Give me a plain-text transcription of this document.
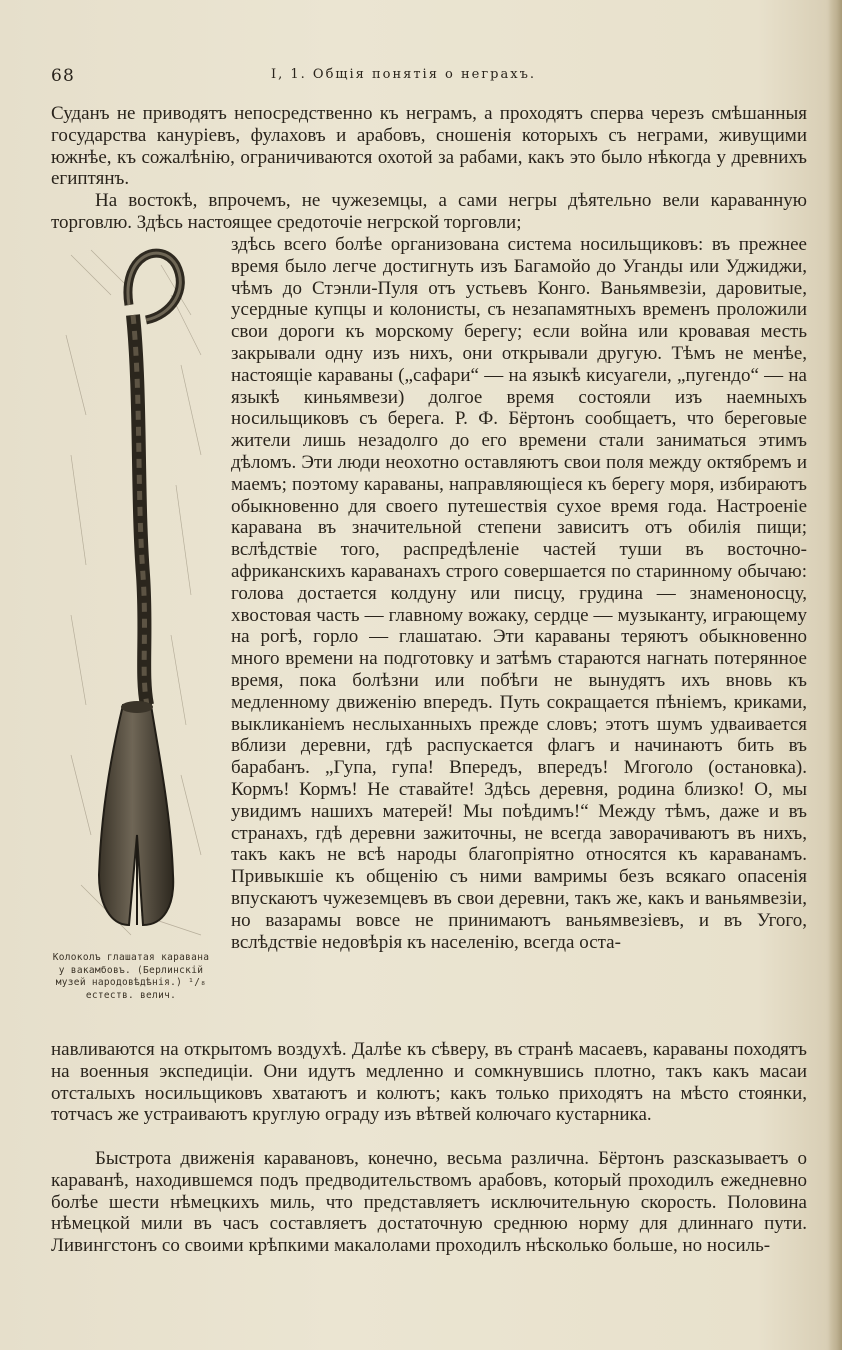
68	I, 1. Общія понятія о неграхъ.
Суданъ не приводятъ непосредственно къ неграмъ, а проходятъ сперва черезъ смѣшанныя государства канурiевъ, фулаховъ и арабовъ, сношенiя которыхъ съ неграми, живущими южнѣе, къ сожалѣнiю, ограничиваются охотой за рабами, какъ это было нѣкогда у древнихъ египтянъ.
На востокѣ, впрочемъ, не чужеземцы, а сами негры дѣятельно вели караванную торговлю. Здѣсь настоящее средоточiе негрской торговли;
здѣсь всего болѣе организована система носильщиковъ: въ прежнее время было легче достигнуть изъ Багамойо до Уганды или Уджиджи, чѣмъ до Стэнли-Пуля отъ устьевъ Конго. Ваньямвезiи, даровитые, усердные купцы и колонисты, съ незапамятныхъ временъ проложили свои дороги къ морскому берегу; если война или кровавая месть закрывали одну изъ нихъ, они открывали другую. Тѣмъ не менѣе, настоящiе караваны („сафари“ — на языкѣ кисуагели, „пугендо“ — на языкѣ киньямвези) долгое время состояли изъ наемныхъ носильщиковъ съ берега. Р. Ф. Бёртонъ сообщаетъ, что береговые жители лишь незадолго до его времени стали заниматься этимъ дѣломъ. Эти люди неохотно оставляютъ свои поля между октябремъ и маемъ; поэтому караваны, направляющiеся къ берегу моря, избираютъ обыкновенно для своего путешествiя сухое время года. Настроенiе каравана въ значительной степени зависитъ отъ обилiя пищи; вслѣдствiе того, распредѣленiе частей туши въ восточно-африканскихъ караванахъ строго совершается по старинному обычаю: голова достается колдуну или писцу, грудина — знаменоносцу, хвостовая часть — главному вожаку, сердце — музыканту, играющему на рогѣ, горло — глашатаю. Эти караваны теряютъ обыкновенно много времени на подготовку и затѣмъ стараются нагнать потерянное время, пока болѣзни или побѣги не вынудятъ ихъ вновь къ медленному движенiю впередъ. Путь сокращается пѣнiемъ, криками, выкликанiемъ неслыханныхъ прежде словъ; этотъ шумъ удваивается вблизи деревни, гдѣ распускается флагъ и начинаютъ бить въ барабанъ. „Гупа, гупа! Впередъ, впередъ! Мгоголо (остановка). Кормъ! Кормъ! Не ставайте! Здѣсь деревня, родина близко! О, мы увидимъ нашихъ матерей! Мы поѣдимъ!“ Между тѣмъ, даже и въ странахъ, гдѣ деревни зажиточны, не всегда заворачиваютъ въ нихъ, такъ какъ не всѣ народы благопрiятно относятся къ караванамъ. Привыкшiе къ общенiю съ ними вамримы безъ всякаго опасенiя впускаютъ чужеземцевъ въ свои деревни, такъ же, какъ и ваньямвезiи, но вазарамы вовсе не принимаютъ ваньямвезiевъ, и въ Угого, вслѣдствiе недовѣрiя къ населенiю, всегда оста-
Колоколъ глашатая каравана у вакамбовъ. (Берлинскiй музей народовѣдѣнiя.) ¹/₈ естеств. велич.
навливаются на открытомъ воздухѣ. Далѣе къ сѣверу, въ странѣ масаевъ, караваны походятъ на военныя экспедицiи. Они идутъ медленно и сомкнувшись плотно, такъ какъ масаи отсталыхъ носильщиковъ хватаютъ и колютъ; какъ только приходятъ на мѣсто стоянки, тотчасъ же устраиваютъ круглую ограду изъ вѣтвей колючаго кустарника.
Быстрота движенiя каравановъ, конечно, весьма различна. Бёртонъ разсказываетъ о караванѣ, находившемся подъ предводительствомъ арабовъ, который проходилъ ежедневно болѣе шести нѣмецкихъ миль, что представляетъ исключительную скорость. Половина нѣмецкой мили въ часъ составляетъ достаточную среднюю норму для длиннаго пути. Ливингстонъ со своими крѣпкими макалолами проходилъ нѣсколько больше, но носиль-
